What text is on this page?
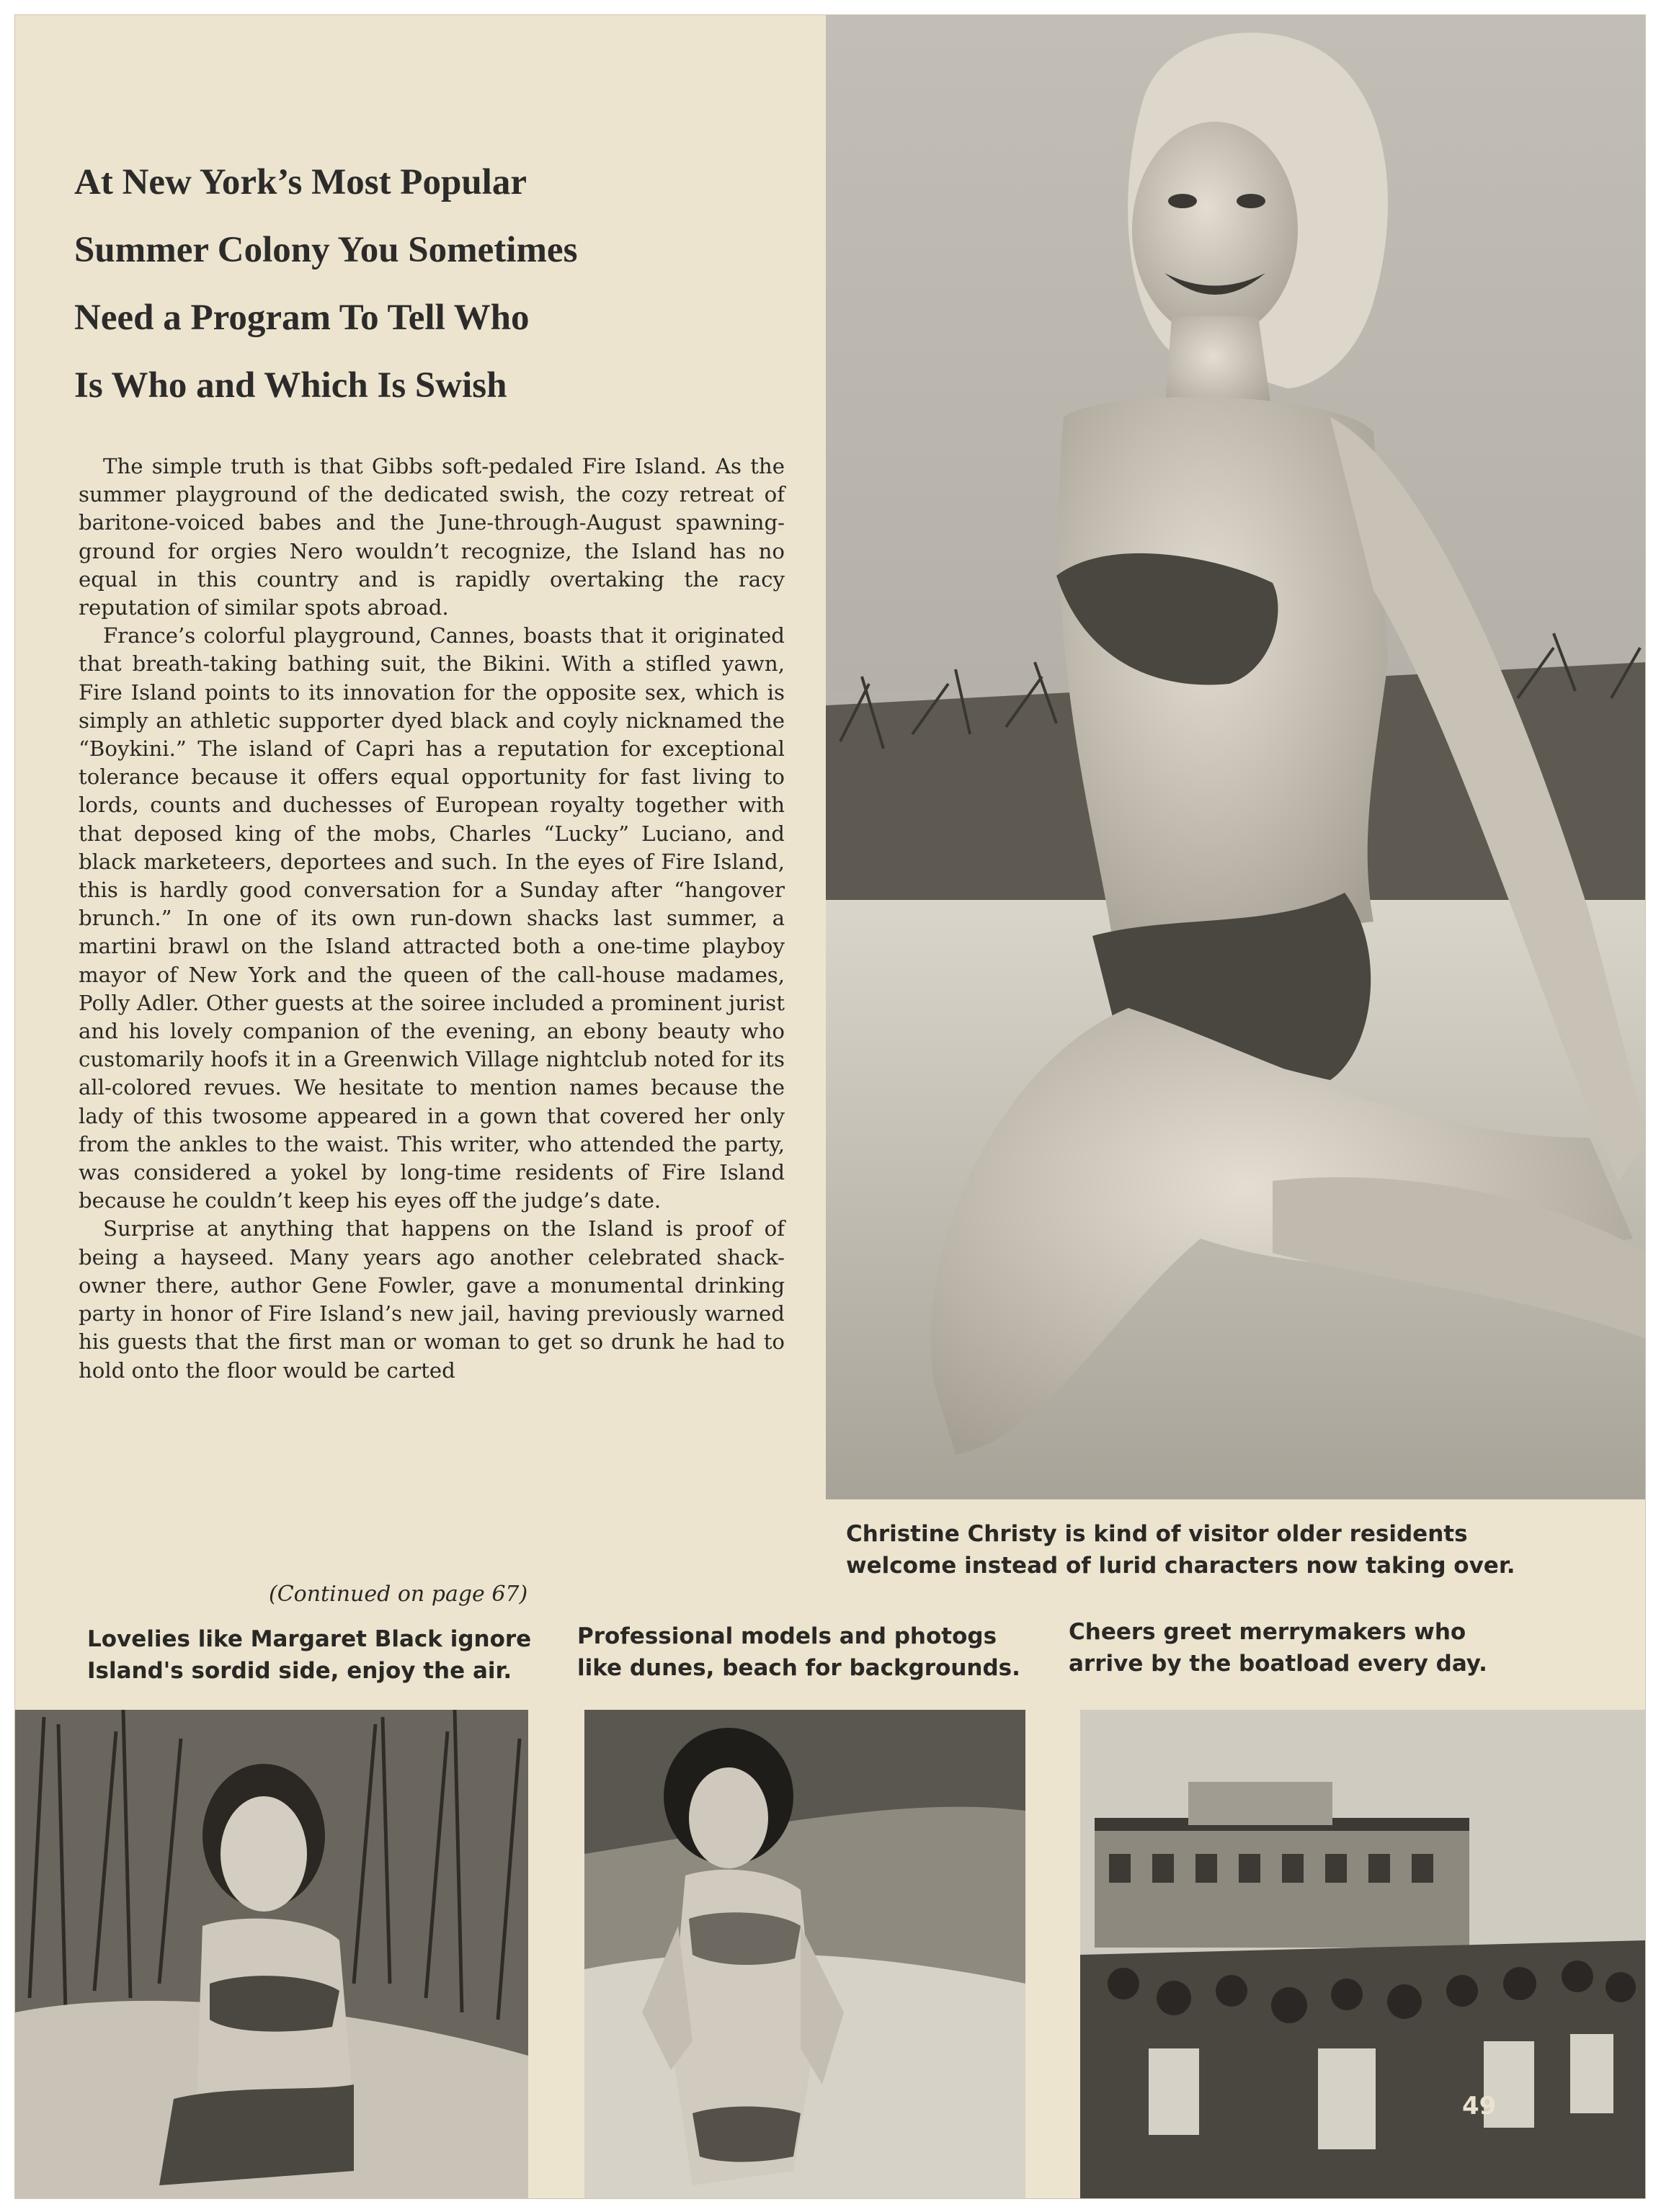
At New York’s Most Popular
Summer Colony You Sometimes
Need a Program To Tell Who
Is Who and Which Is Swish

The simple truth is that Gibbs soft-pedaled Fire Island. As the summer playground of the dedicated swish, the cozy retreat of baritone-voiced babes and the June-through-August spawning-ground for orgies Nero wouldn’t recognize, the Island has no equal in this country and is rapidly overtaking the racy reputation of similar spots abroad.

France’s colorful playground, Cannes, boasts that it originated that breath-taking bathing suit, the Bikini. With a stifled yawn, Fire Island points to its innovation for the opposite sex, which is simply an athletic supporter dyed black and coyly nicknamed the “Boykini.” The island of Capri has a reputation for exceptional tolerance because it offers equal opportunity for fast living to lords, counts and duchesses of European royalty together with that deposed king of the mobs, Charles “Lucky” Luciano, and black marketeers, deportees and such. In the eyes of Fire Island, this is hardly good conversation for a Sunday after “hangover brunch.” In one of its own run-down shacks last summer, a martini brawl on the Island attracted both a one-time playboy mayor of New York and the queen of the call-house madames, Polly Adler. Other guests at the soiree included a prominent jurist and his lovely companion of the evening, an ebony beauty who customarily hoofs it in a Greenwich Village nightclub noted for its all-colored revues. We hesitate to mention names because the lady of this twosome appeared in a gown that covered her only from the ankles to the waist. This writer, who attended the party, was considered a yokel by long-time residents of Fire Island because he couldn’t keep his eyes off the judge’s date.

Surprise at anything that happens on the Island is proof of being a hayseed. Many years ago another celebrated shack-owner there, author Gene Fowler, gave a monumental drinking party in honor of Fire Island’s new jail, having previously warned his guests that the first man or woman to get so drunk he had to hold onto the floor would be carted

(Continued on page 67)
Christine Christy is kind of visitor older residents
welcome instead of lurid characters now taking over.
Lovelies like Margaret Black ignore
Island's sordid side, enjoy the air.
Professional models and photogs
like dunes, beach for backgrounds.
Cheers greet merrymakers who
arrive by the boatload every day.
49
